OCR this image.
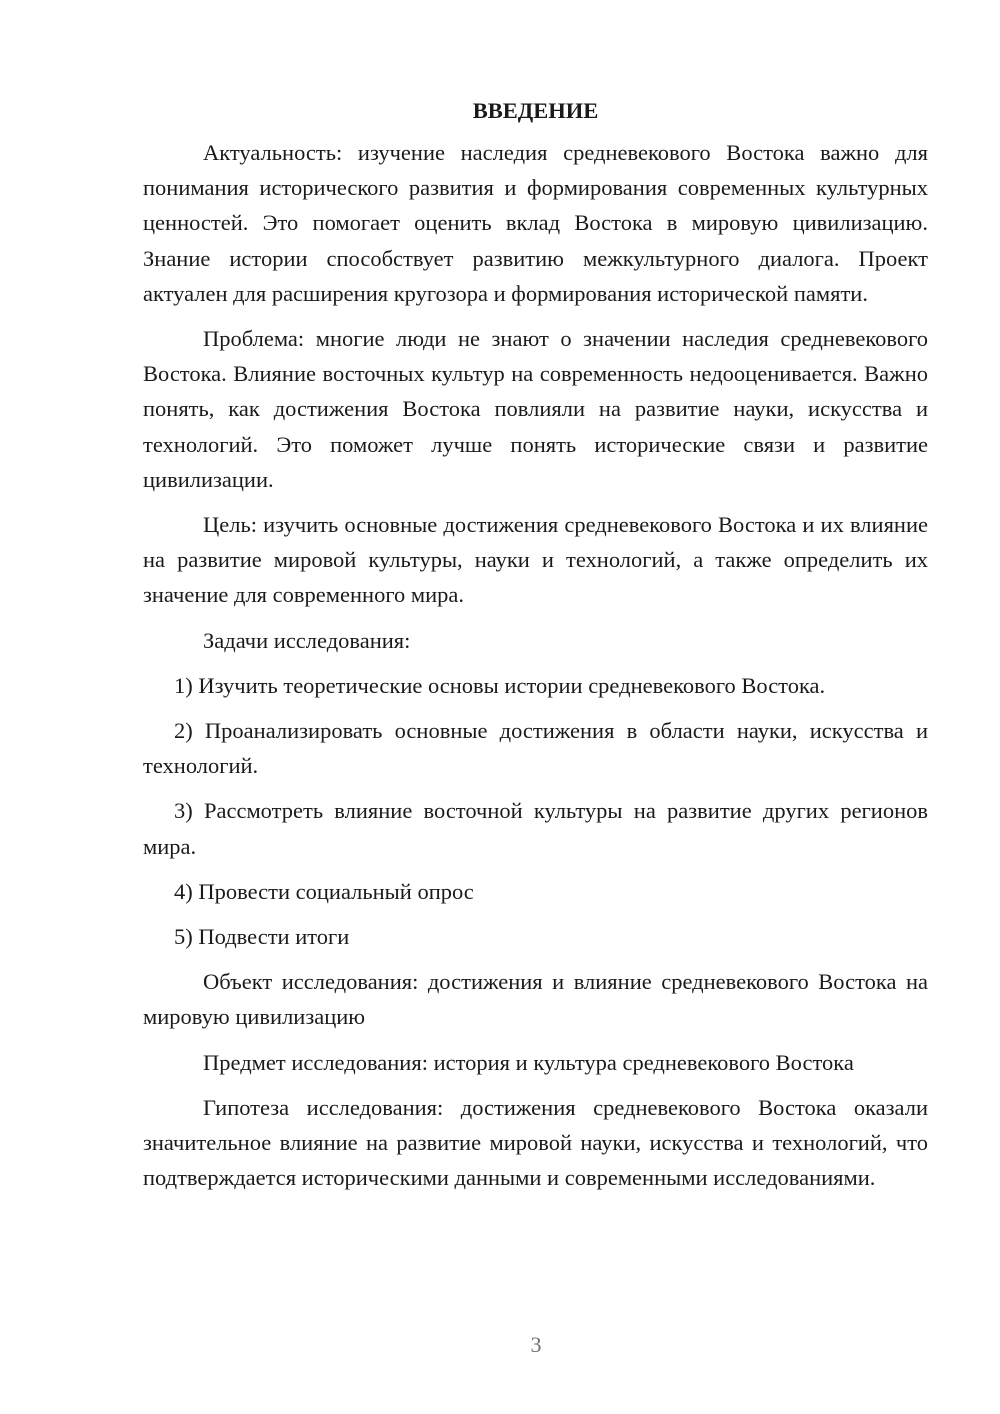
ВВЕДЕНИЕ

Актуальность: изучение наследия средневекового Востока важно для понимания исторического развития и формирования современных культурных ценностей. Это помогает оценить вклад Востока в мировую цивилизацию. Знание истории способствует развитию межкультурного диалога. Проект актуален для расширения кругозора и формирования исторической памяти.

Проблема: многие люди не знают о значении наследия средневекового Востока. Влияние восточных культур на современность недооценивается. Важно понять, как достижения Востока повлияли на развитие науки, искусства и технологий. Это поможет лучше понять исторические связи и развитие цивилизации.

Цель: изучить основные достижения средневекового Востока и их влияние на развитие мировой культуры, науки и технологий, а также определить их значение для современного мира.

Задачи исследования:

1) Изучить теоретические основы истории средневекового Востока.

2) Проанализировать основные достижения в области науки, искусства и технологий.

3) Рассмотреть влияние восточной культуры на развитие других регионов мира.

4) Провести социальный опрос

5) Подвести итоги

Объект исследования: достижения и влияние средневекового Востока на мировую цивилизацию

Предмет исследования: история и культура средневекового Востока

Гипотеза исследования: достижения средневекового Востока оказали значительное влияние на развитие мировой науки, искусства и технологий, что подтверждается историческими данными и современными исследованиями.

3
